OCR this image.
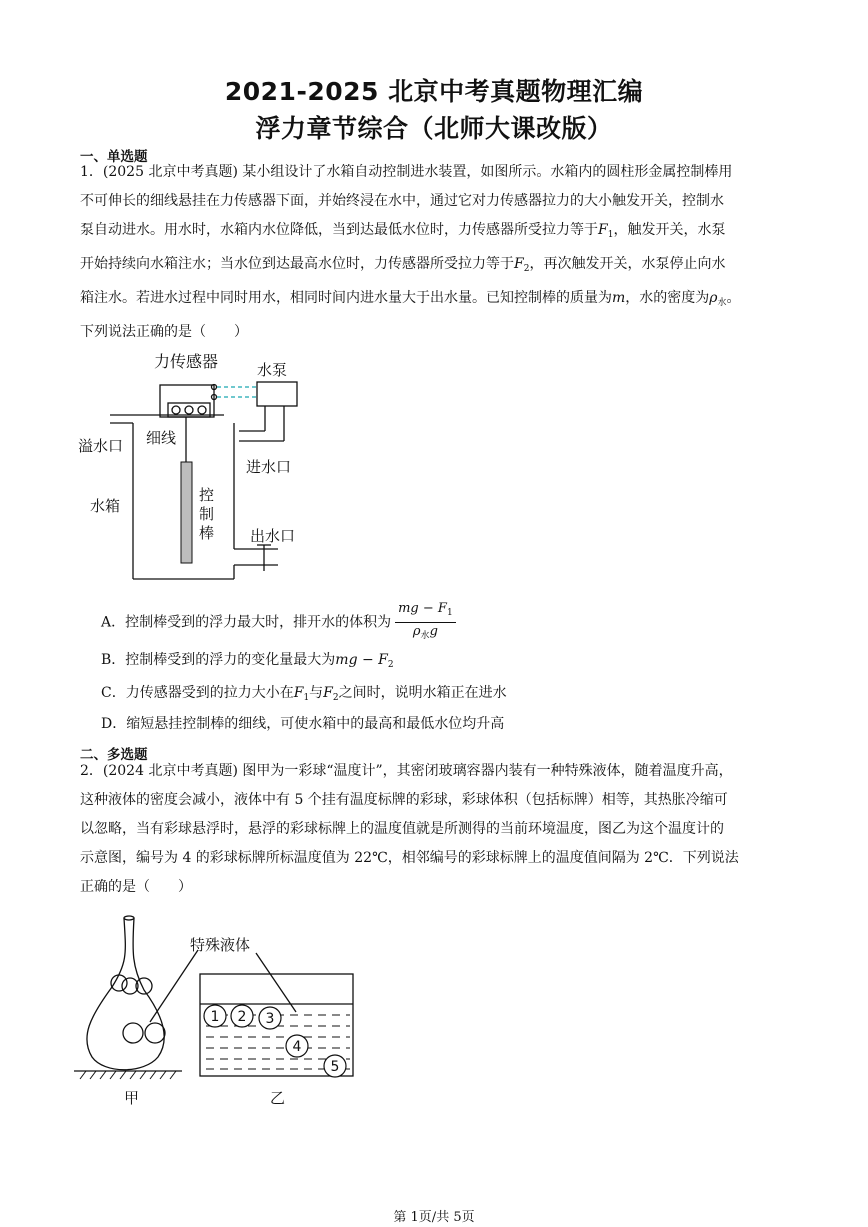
2021-2025 北京中考真题物理汇编
浮力章节综合（北师大课改版）
一、单选题
1．(2025 北京中考真题) 某小组设计了水箱自动控制进水装置，如图所示。水箱内的圆柱形金属控制棒用
不可伸长的细线悬挂在力传感器下面，并始终浸在水中，通过它对力传感器拉力的大小触发开关，控制水
泵自动进水。用水时，水箱内水位降低，当到达最低水位时，力传感器所受拉力等于$F_1$，触发开关，水泵
开始持续向水箱注水；当水位到达最高水位时，力传感器所受拉力等于$F_2$，再次触发开关，水泵停止向水
箱注水。若进水过程中同时用水，相同时间内进水量大于出水量。已知控制棒的质量为m，水的密度为$\rho_水$。
下列说法正确的是（　　）
力传感器	水泵
溢水口 细线
进水口
水箱
控
制
棒 出水口
A．控制棒受到的浮力最大时，排开水的体积为 $\frac{mg - F_1}{\rho_水g}$
B．控制棒受到的浮力的变化量最大为mg − $F_2$
C．力传感器受到的拉力大小在$F_1$与$F_2$之间时，说明水箱正在进水
D．缩短悬挂控制棒的细线，可使水箱中的最高和最低水位均升高
二、多选题
2．(2024 北京中考真题) 图甲为一彩球“温度计”，其密闭玻璃容器内装有一种特殊液体，随着温度升高，
这种液体的密度会减小，液体中有 5 个挂有温度标牌的彩球，彩球体积（包括标牌）相等，其热胀冷缩可
以忽略，当有彩球悬浮时，悬浮的彩球标牌上的温度值就是所测得的当前环境温度，图乙为这个温度计的
示意图，编号为 4 的彩球标牌所标温度值为 22℃，相邻编号的彩球标牌上的温度值间隔为 2℃．下列说法
正确的是（　　）
1 2 3
4
5
特殊液体
甲	乙
第 1页/共 5页
